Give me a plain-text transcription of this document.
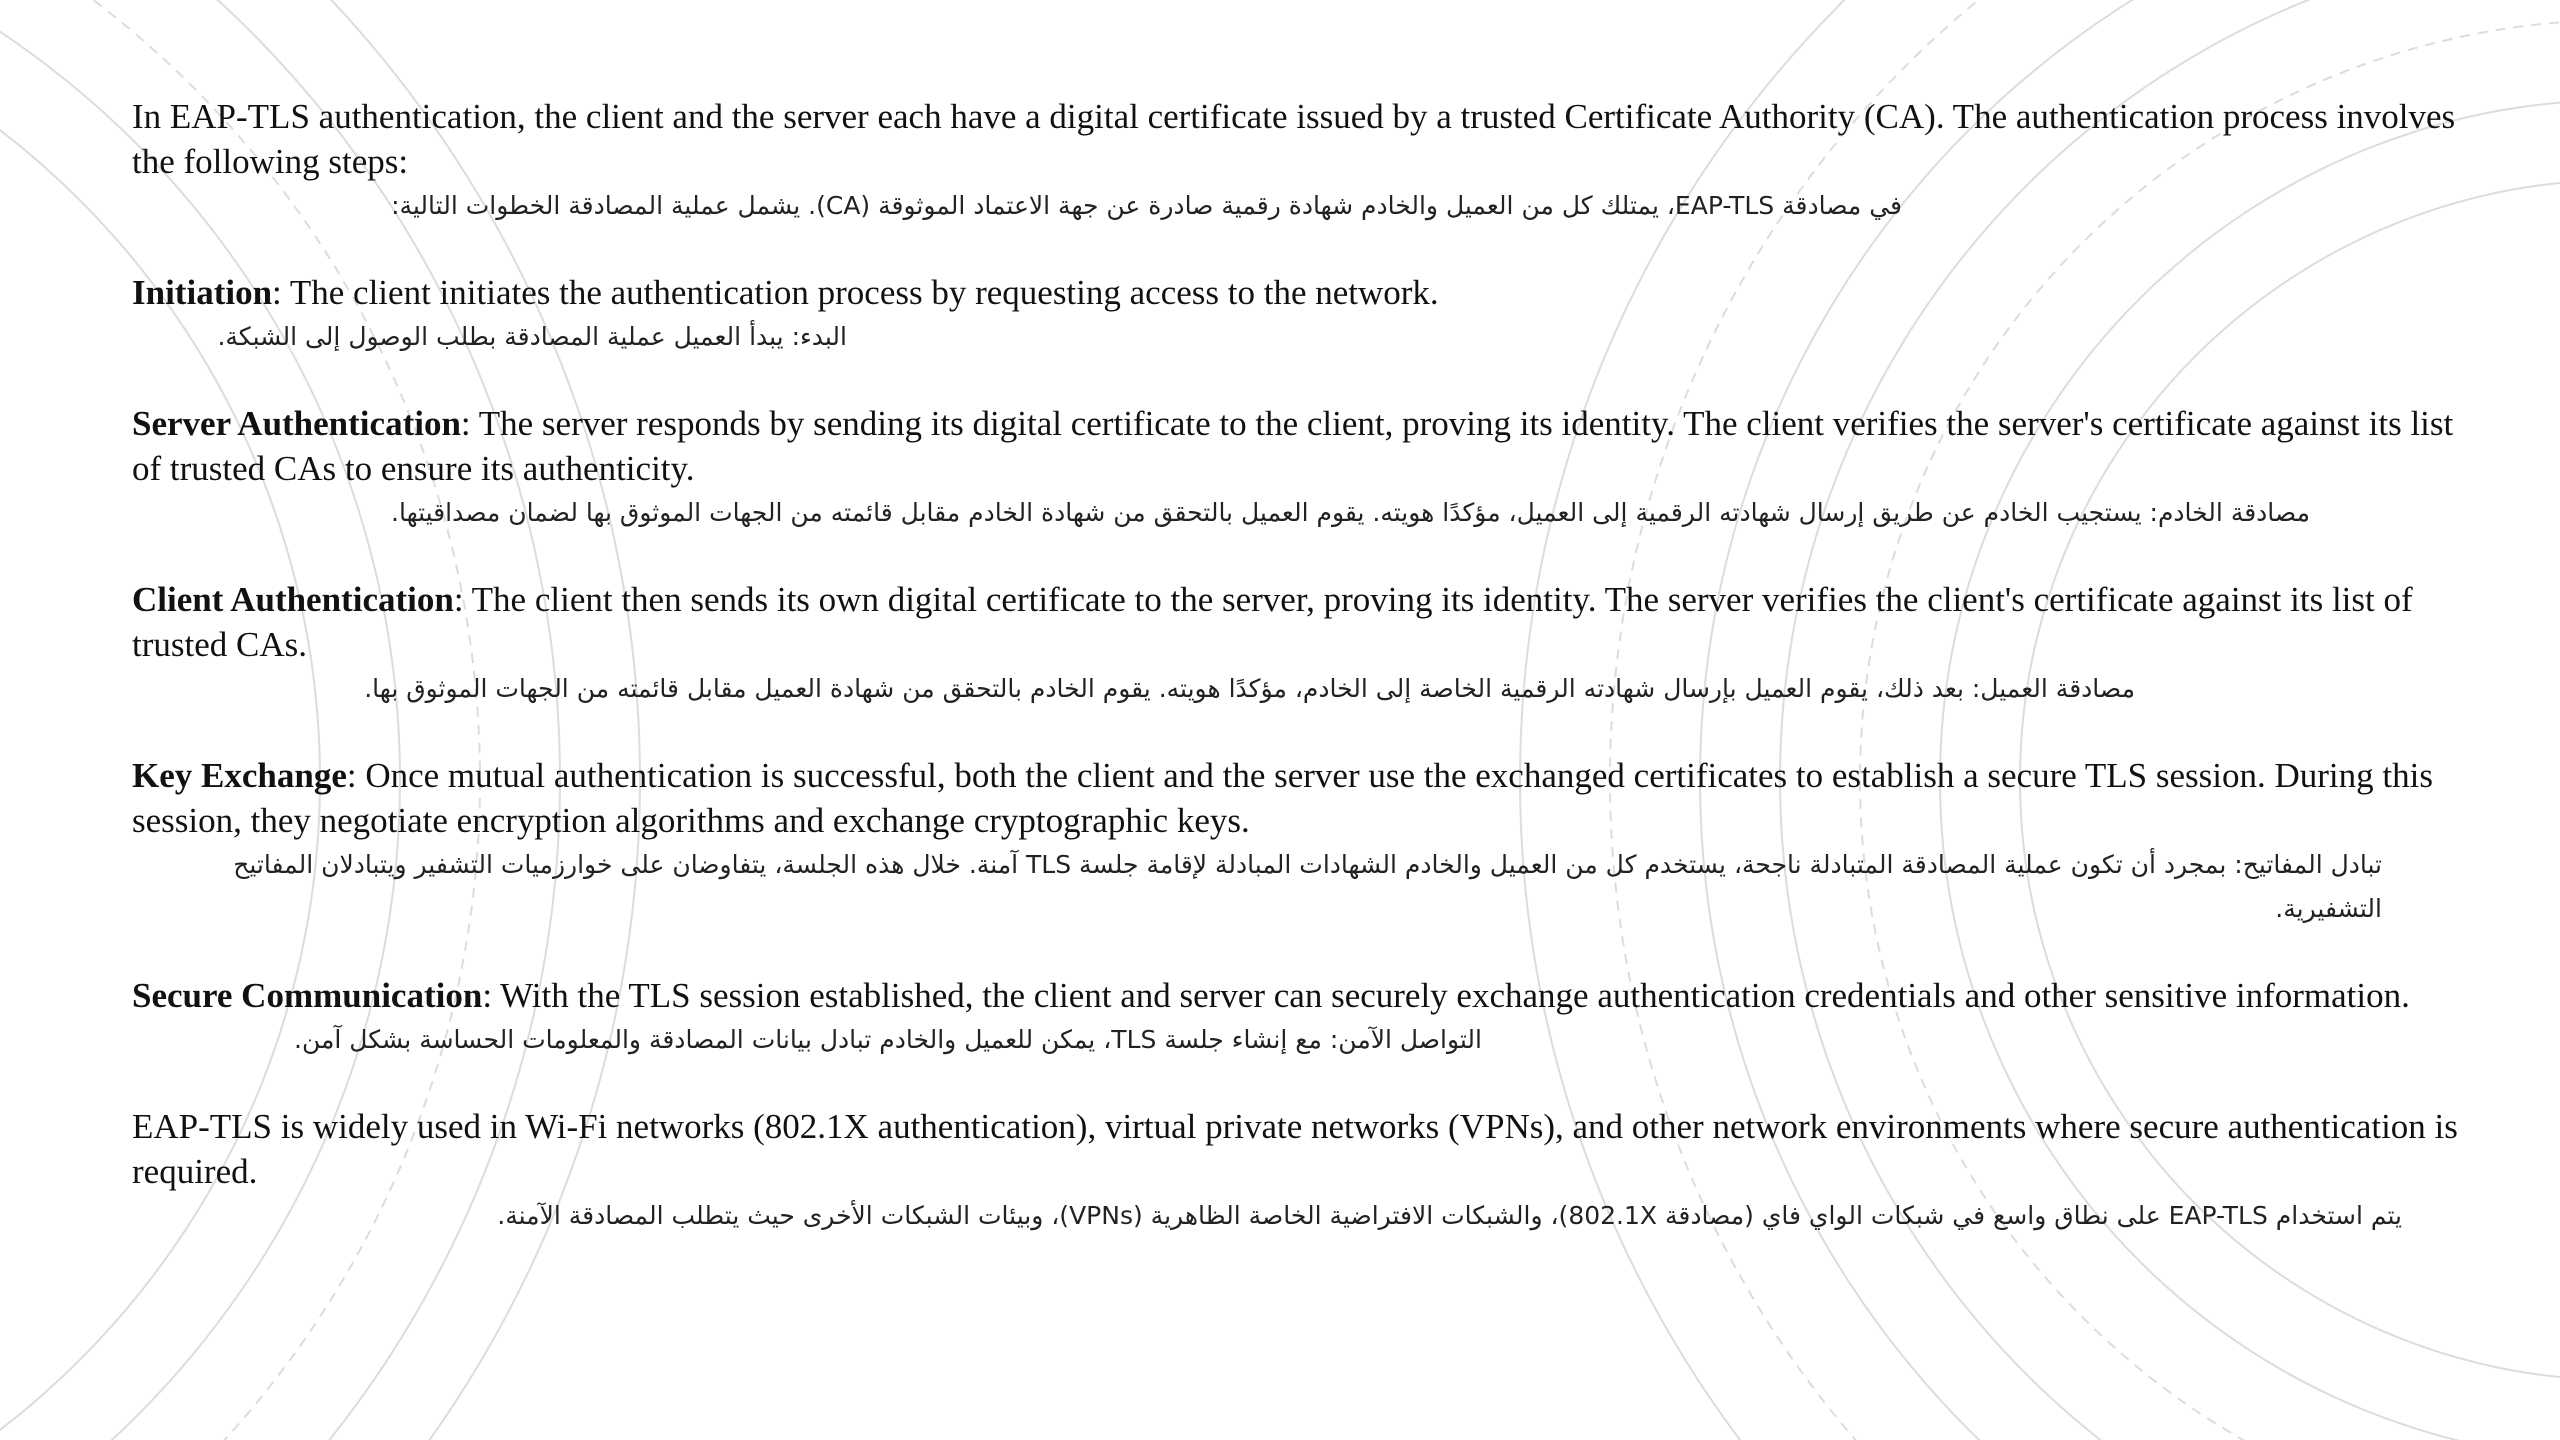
In EAP-TLS authentication, the client and the server each have a digital certificate issued by a trusted Certificate Authority (CA). The authentication process involves the following steps:

في مصادقة EAP-TLS، يمتلك كل من العميل والخادم شهادة رقمية صادرة عن جهة الاعتماد الموثوقة (CA). يشمل عملية المصادقة الخطوات التالية:

Initiation: The client initiates the authentication process by requesting access to the network.

البدء: يبدأ العميل عملية المصادقة بطلب الوصول إلى الشبكة.

Server Authentication: The server responds by sending its digital certificate to the client, proving its identity. The client verifies the server's certificate against its list of trusted CAs to ensure its authenticity.

مصادقة الخادم: يستجيب الخادم عن طريق إرسال شهادته الرقمية إلى العميل، مؤكدًا هويته. يقوم العميل بالتحقق من شهادة الخادم مقابل قائمته من الجهات الموثوق بها لضمان مصداقيتها.

Client Authentication: The client then sends its own digital certificate to the server, proving its identity. The server verifies the client's certificate against its list of trusted CAs.

مصادقة العميل: بعد ذلك، يقوم العميل بإرسال شهادته الرقمية الخاصة إلى الخادم، مؤكدًا هويته. يقوم الخادم بالتحقق من شهادة العميل مقابل قائمته من الجهات الموثوق بها.

Key Exchange: Once mutual authentication is successful, both the client and the server use the exchanged certificates to establish a secure TLS session. During this session, they negotiate encryption algorithms and exchange cryptographic keys.

تبادل المفاتيح: بمجرد أن تكون عملية المصادقة المتبادلة ناجحة، يستخدم كل من العميل والخادم الشهادات المبادلة لإقامة جلسة TLS آمنة. خلال هذه الجلسة، يتفاوضان على خوارزميات التشفير ويتبادلان المفاتيح التشفيرية.

Secure Communication: With the TLS session established, the client and server can securely exchange authentication credentials and other sensitive information.

التواصل الآمن: مع إنشاء جلسة TLS، يمكن للعميل والخادم تبادل بيانات المصادقة والمعلومات الحساسة بشكل آمن.

EAP-TLS is widely used in Wi-Fi networks (802.1X authentication), virtual private networks (VPNs), and other network environments where secure authentication is required.

يتم استخدام EAP-TLS على نطاق واسع في شبكات الواي فاي (مصادقة 802.1X)، والشبكات الافتراضية الخاصة الظاهرية (VPNs)، وبيئات الشبكات الأخرى حيث يتطلب المصادقة الآمنة.
